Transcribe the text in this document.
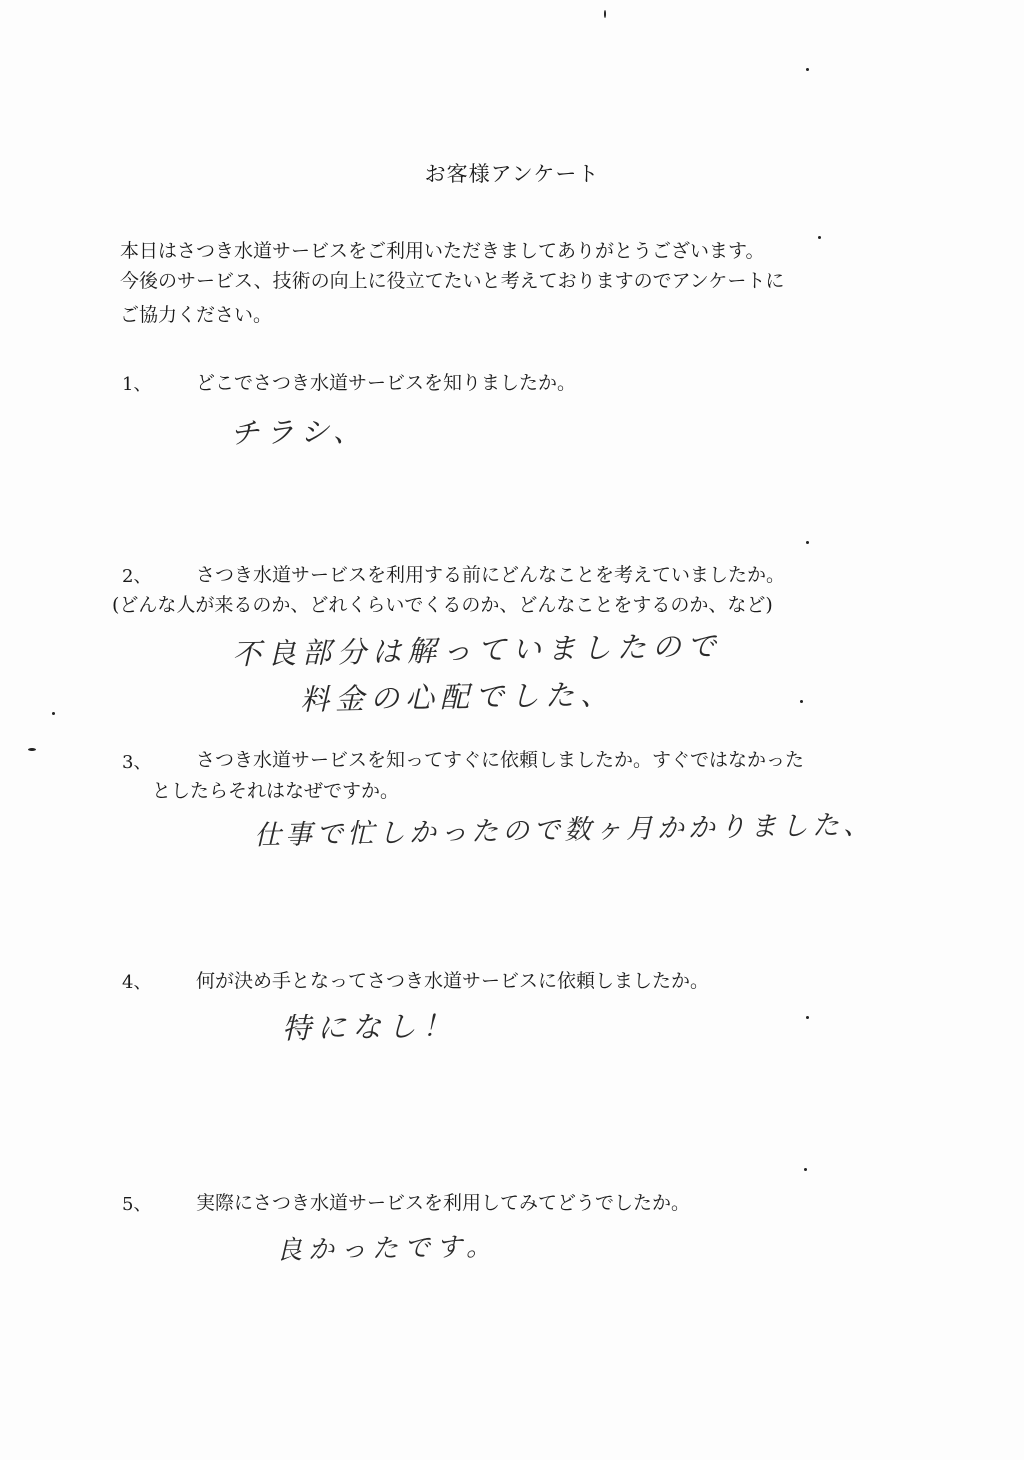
お客様アンケート
本日はさつき水道サービスをご利用いただきましてありがとうございます。
今後のサービス、技術の向上に役立てたいと考えておりますのでアンケートに
ご協力ください。
1、 どこでさつき水道サービスを知りましたか。
チラシ、
2、 さつき水道サービスを利用する前にどんなことを考えていましたか。
(どんな人が来るのか、どれくらいでくるのか、どんなことをするのか、など)
不良部分は解っていましたので
料金の心配でした、
3、 さつき水道サービスを知ってすぐに依頼しましたか。すぐではなかった
としたらそれはなぜですか。
仕事で忙しかったので数ヶ月かかりました、
4、 何が決め手となってさつき水道サービスに依頼しましたか。
特になし！
5、 実際にさつき水道サービスを利用してみてどうでしたか。
良かったです。
